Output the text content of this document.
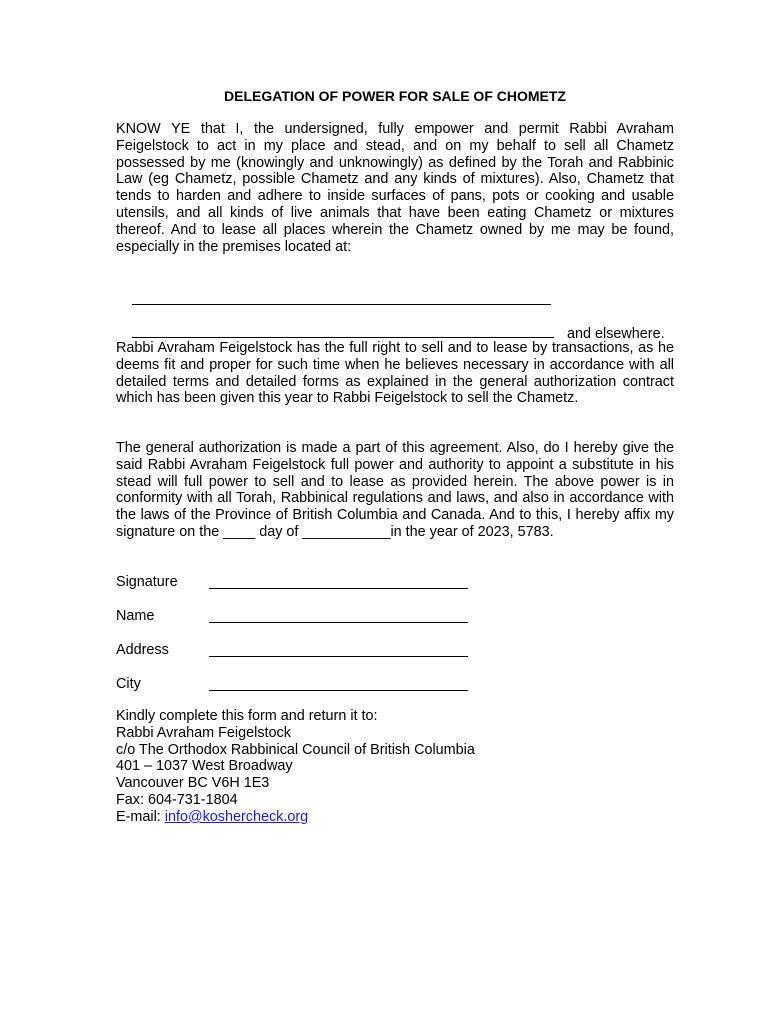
DELEGATION OF POWER FOR SALE OF CHOMETZ
KNOW YE that I, the undersigned, fully empower and permit Rabbi Avraham Feigelstock to act in my place and stead, and on my behalf to sell all Chametz possessed by me (knowingly and unknowingly) as defined by the Torah and Rabbinic Law (eg Chametz, possible Chametz and any kinds of mixtures). Also, Chametz that tends to harden and adhere to inside surfaces of pans, pots or cooking and usable utensils, and all kinds of live animals that have been eating Chametz or mixtures thereof. And to lease all places wherein the Chametz owned by me may be found, especially in the premises located at:

and elsewhere.

Rabbi Avraham Feigelstock has the full right to sell and to lease by transactions, as he deems fit and proper for such time when he believes necessary in accordance with all detailed terms and detailed forms as explained in the general authorization contract which has been given this year to Rabbi Feigelstock to sell the Chametz.
The general authorization is made a part of this agreement. Also, do I hereby give the said Rabbi Avraham Feigelstock full power and authority to appoint a substitute in his stead will full power to sell and to lease as provided herein. The above power is in conformity with all Torah, Rabbinical regulations and laws, and also in accordance with the laws of the Province of British Columbia and Canada. And to this, I hereby affix my signature on the ____ day of ___________in the year of 2023, 5783.
Signature
Name
Address
City
Kindly complete this form and return it to:
Rabbi Avraham Feigelstock
c/o The Orthodox Rabbinical Council of British Columbia
401 – 1037 West Broadway
Vancouver BC V6H 1E3
Fax: 604-731-1804
E-mail: info@koshercheck.org
